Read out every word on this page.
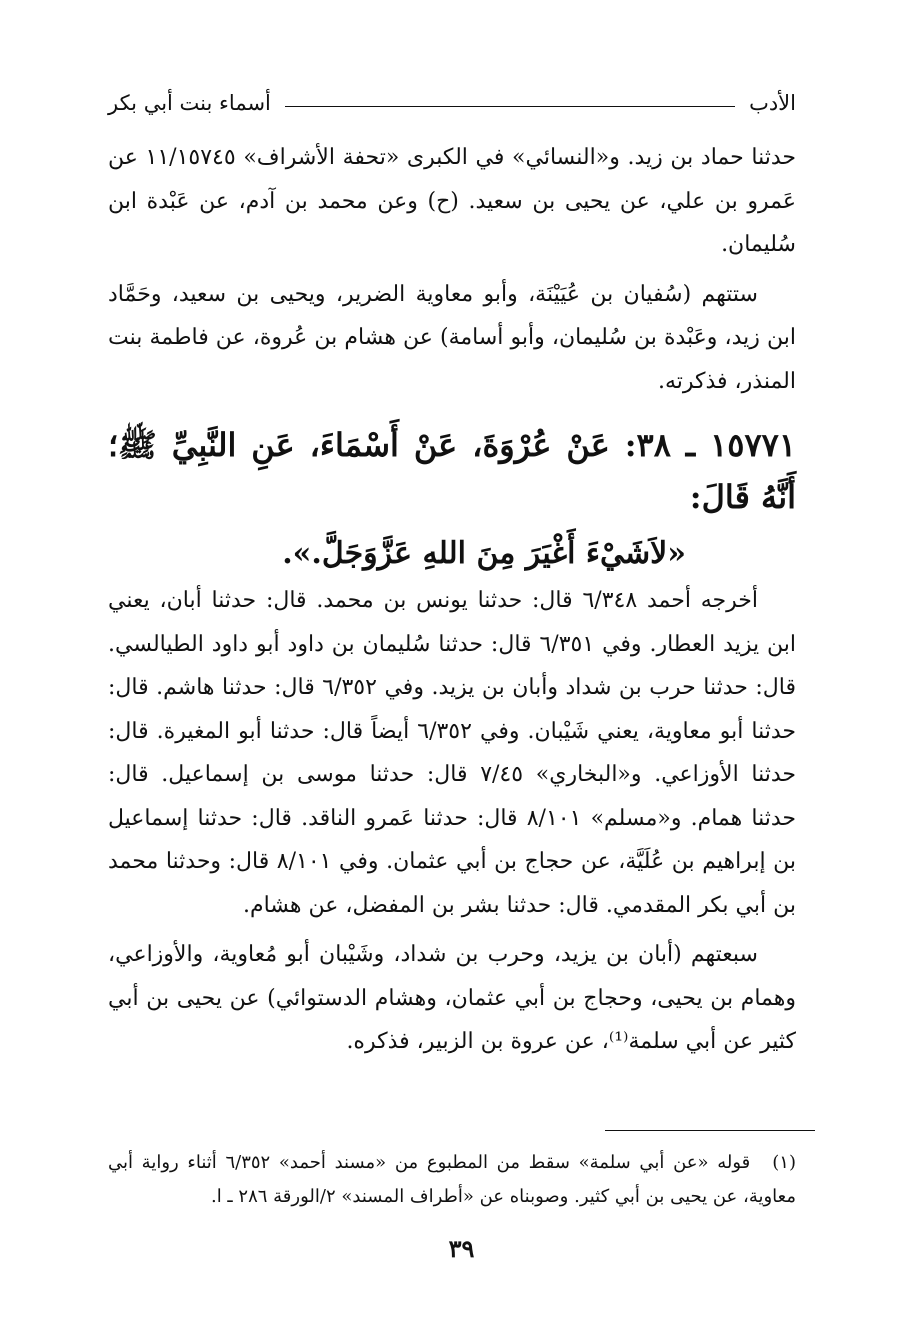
الأدب
أسماء بنت أبي بكر

حدثنا حماد بن زيد. و«النسائي» في الكبرى «تحفة الأشراف» ١١/١٥٧٤٥ عن عَمرو بن علي، عن يحيى بن سعيد. (ح) وعن محمد بن آدم، عن عَبْدة ابن سُليمان.

ستتهم (سُفيان بن عُيَيْنَة، وأبو معاوية الضرير، ويحيى بن سعيد، وحَمَّاد ابن زيد، وعَبْدة بن سُليمان، وأبو أسامة) عن هشام بن عُروة، عن فاطمة بنت المنذر، فذكرته.

١٥٧٧١ ـ ٣٨: عَنْ عُرْوَةَ، عَنْ أَسْمَاءَ، عَنِ النَّبِيِّ ﷺ؛ أَنَّهُ قَالَ:

«لاَشَيْءَ أَغْيَرَ مِنَ اللهِ عَزَّوَجَلَّ.».

أخرجه أحمد ٦/٣٤٨ قال: حدثنا يونس بن محمد. قال: حدثنا أبان، يعني ابن يزيد العطار. وفي ٦/٣٥١ قال: حدثنا سُليمان بن داود أبو داود الطيالسي. قال: حدثنا حرب بن شداد وأبان بن يزيد. وفي ٦/٣٥٢ قال: حدثنا هاشم. قال: حدثنا أبو معاوية، يعني شَيْبان. وفي ٦/٣٥٢ أيضاً قال: حدثنا أبو المغيرة. قال: حدثنا الأوزاعي. و«البخاري» ٧/٤٥ قال: حدثنا موسى بن إسماعيل. قال: حدثنا همام. و«مسلم» ٨/١٠١ قال: حدثنا عَمرو الناقد. قال: حدثنا إسماعيل بن إبراهيم بن عُلَيَّة، عن حجاج بن أبي عثمان. وفي ٨/١٠١ قال: وحدثنا محمد بن أبي بكر المقدمي. قال: حدثنا بشر بن المفضل، عن هشام.

سبعتهم (أبان بن يزيد، وحرب بن شداد، وشَيْبان أبو مُعاوية، والأوزاعي، وهمام بن يحيى، وحجاج بن أبي عثمان، وهشام الدستوائي) عن يحيى بن أبي كثير عن أبي سلمة⁽¹⁾، عن عروة بن الزبير، فذكره.

(١)قوله «عن أبي سلمة» سقط من المطبوع من «مسند أحمد» ٦/٣٥٢ أثناء رواية أبي معاوية، عن يحيى بن أبي كثير. وصوبناه عن «أطراف المسند» ٢/الورقة ٢٨٦ ـ ا.

٣٩
